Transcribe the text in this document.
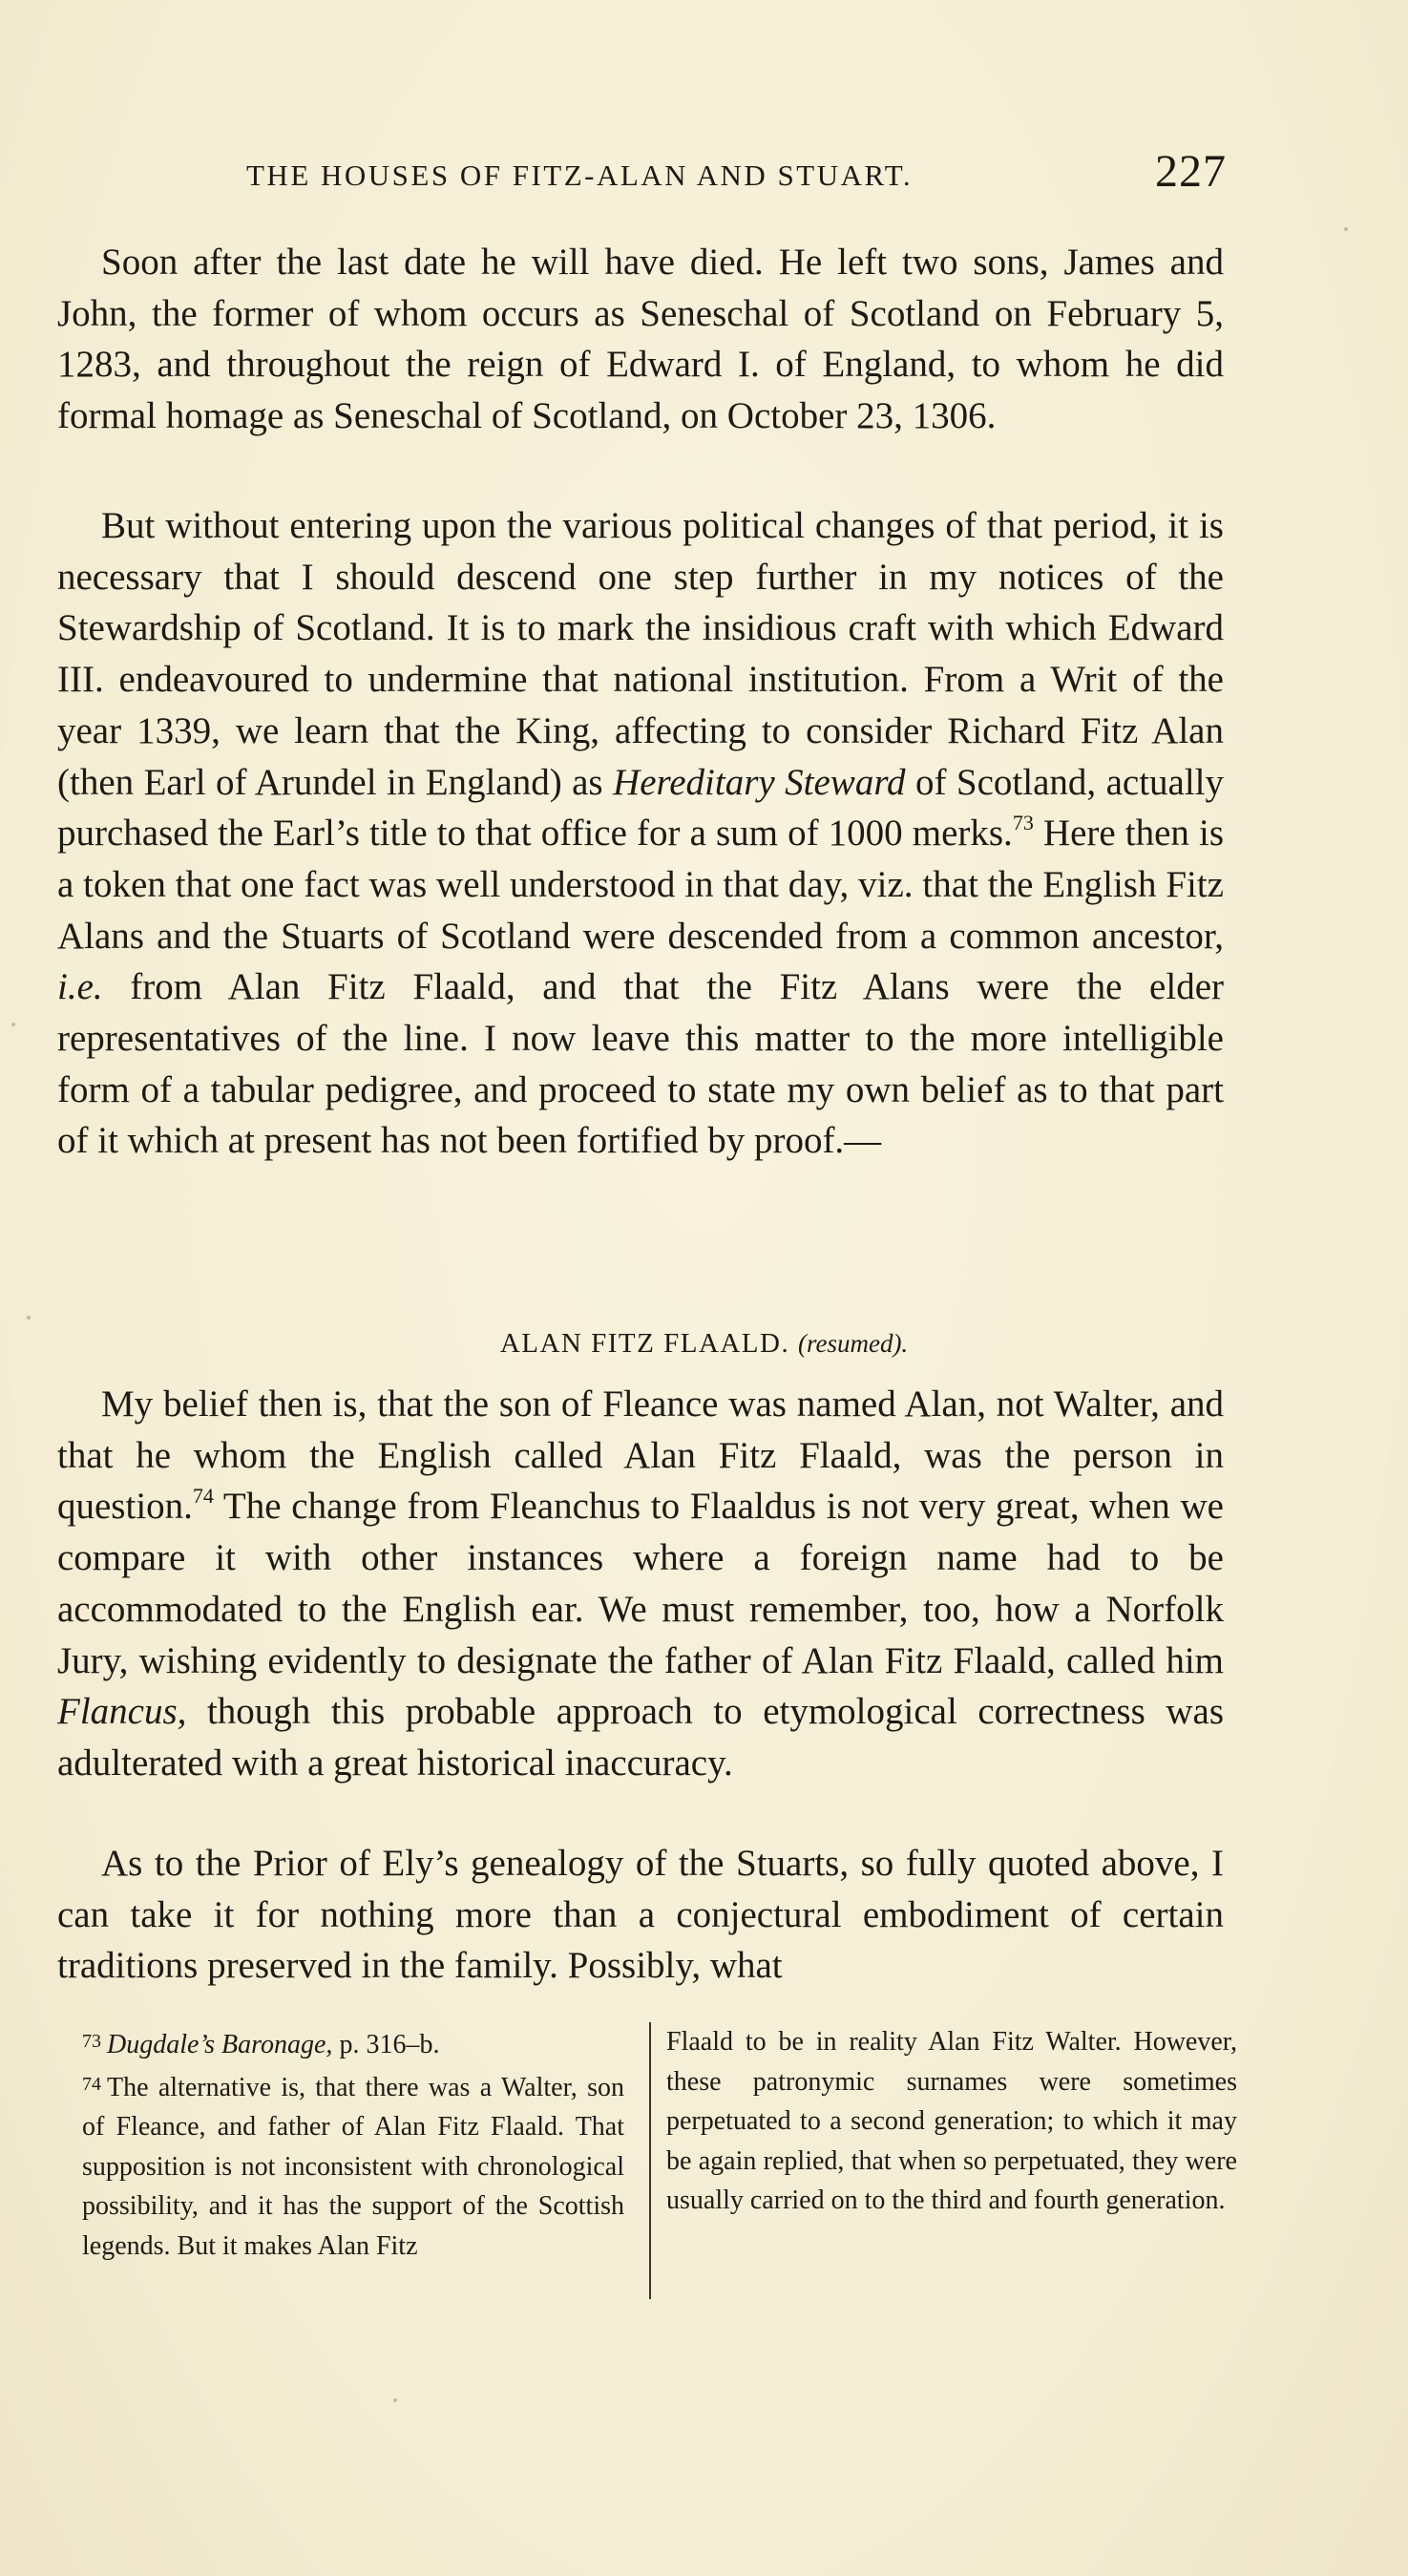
THE HOUSES OF FITZ-ALAN AND STUART.	227

Soon after the last date he will have died. He left two sons, James and John, the former of whom occurs as Seneschal of Scotland on February 5, 1283, and throughout the reign of Edward I. of England, to whom he did formal homage as Seneschal of Scotland, on October 23, 1306.

But without entering upon the various political changes of that period, it is necessary that I should descend one step further in my notices of the Stewardship of Scotland. It is to mark the insidious craft with which Edward III. endeavoured to undermine that national institution. From a Writ of the year 1339, we learn that the King, affecting to consider Richard Fitz Alan (then Earl of Arundel in England) as Hereditary Steward of Scotland, actually purchased the Earl’s title to that office for a sum of 1000 merks.$^{73}$ Here then is a token that one fact was well understood in that day, viz. that the English Fitz Alans and the Stuarts of Scotland were descended from a common ancestor, i.e. from Alan Fitz Flaald, and that the Fitz Alans were the elder representatives of the line. I now leave this matter to the more intelligible form of a tabular pedigree, and proceed to state my own belief as to that part of it which at present has not been fortified by proof.—

ALAN FITZ FLAALD. (resumed).

My belief then is, that the son of Fleance was named Alan, not Walter, and that he whom the English called Alan Fitz Flaald, was the person in question.$^{74}$ The change from Fleanchus to Flaaldus is not very great, when we compare it with other instances where a foreign name had to be accommodated to the English ear. We must remember, too, how a Norfolk Jury, wishing evidently to designate the father of Alan Fitz Flaald, called him Flancus, though this probable approach to etymological correctness was adulterated with a great historical inaccuracy.

As to the Prior of Ely’s genealogy of the Stuarts, so fully quoted above, I can take it for nothing more than a conjectural embodiment of certain traditions preserved in the family. Possibly, what

$^{73}$ Dugdale’s Baronage, p. 316–b.

$^{74}$ The alternative is, that there was a Walter, son of Fleance, and father of Alan Fitz Flaald. That supposition is not inconsistent with chronological possibility, and it has the support of the Scottish legends. But it makes Alan Fitz

Flaald to be in reality Alan Fitz Walter. However, these patronymic surnames were sometimes perpetuated to a second generation; to which it may be again replied, that when so perpetuated, they were usually carried on to the third and fourth generation.
